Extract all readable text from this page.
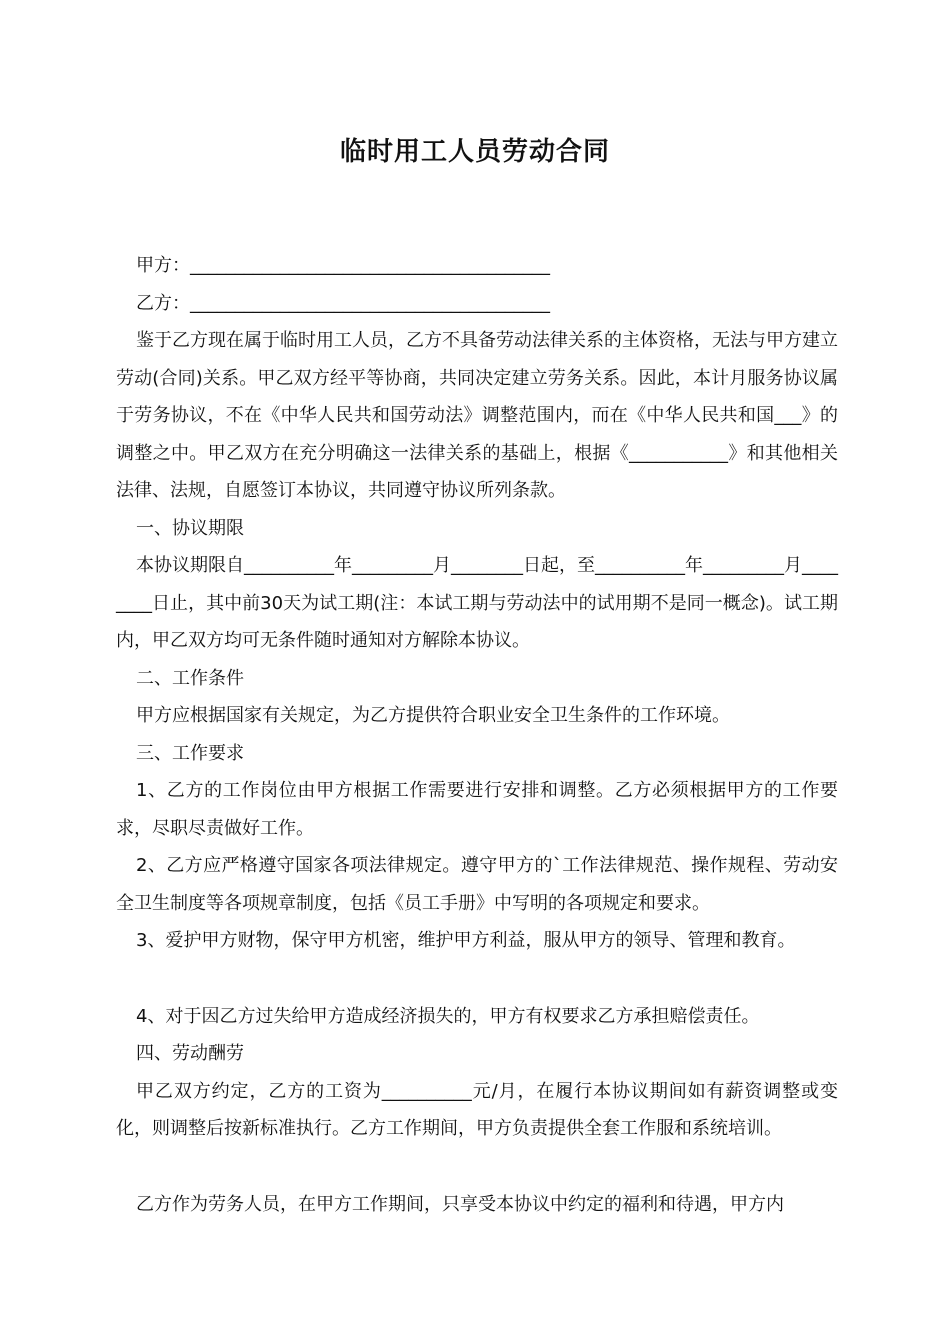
临时用工人员劳动合同

甲方：________________________________________

乙方：________________________________________

鉴于乙方现在属于临时用工人员，乙方不具备劳动法律关系的主体资格，无法与甲方建立劳动(合同)关系。甲乙双方经平等协商，共同决定建立劳务关系。因此，本计月服务协议属于劳务协议，不在《中华人民共和国劳动法》调整范围内，而在《中华人民共和国___》的调整之中。甲乙双方在充分明确这一法律关系的基础上，根据《___________》和其他相关法律、法规，自愿签订本协议，共同遵守协议所列条款。

一、协议期限

本协议期限自__________年_________月________日起，至__________年_________月________日止，其中前30天为试工期(注：本试工期与劳动法中的试用期不是同一概念)。试工期内，甲乙双方均可无条件随时通知对方解除本协议。

二、工作条件

甲方应根据国家有关规定，为乙方提供符合职业安全卫生条件的工作环境。

三、工作要求

1、乙方的工作岗位由甲方根据工作需要进行安排和调整。乙方必须根据甲方的工作要求，尽职尽责做好工作。

2、乙方应严格遵守国家各项法律规定。遵守甲方的`工作法律规范、操作规程、劳动安全卫生制度等各项规章制度，包括《员工手册》中写明的各项规定和要求。

3、爱护甲方财物，保守甲方机密，维护甲方利益，服从甲方的领导、管理和教育。

4、对于因乙方过失给甲方造成经济损失的，甲方有权要求乙方承担赔偿责任。

四、劳动酬劳

甲乙双方约定，乙方的工资为__________元/月，在履行本协议期间如有薪资调整或变化，则调整后按新标准执行。乙方工作期间，甲方负责提供全套工作服和系统培训。

乙方作为劳务人员，在甲方工作期间，只享受本协议中约定的福利和待遇，甲方内
